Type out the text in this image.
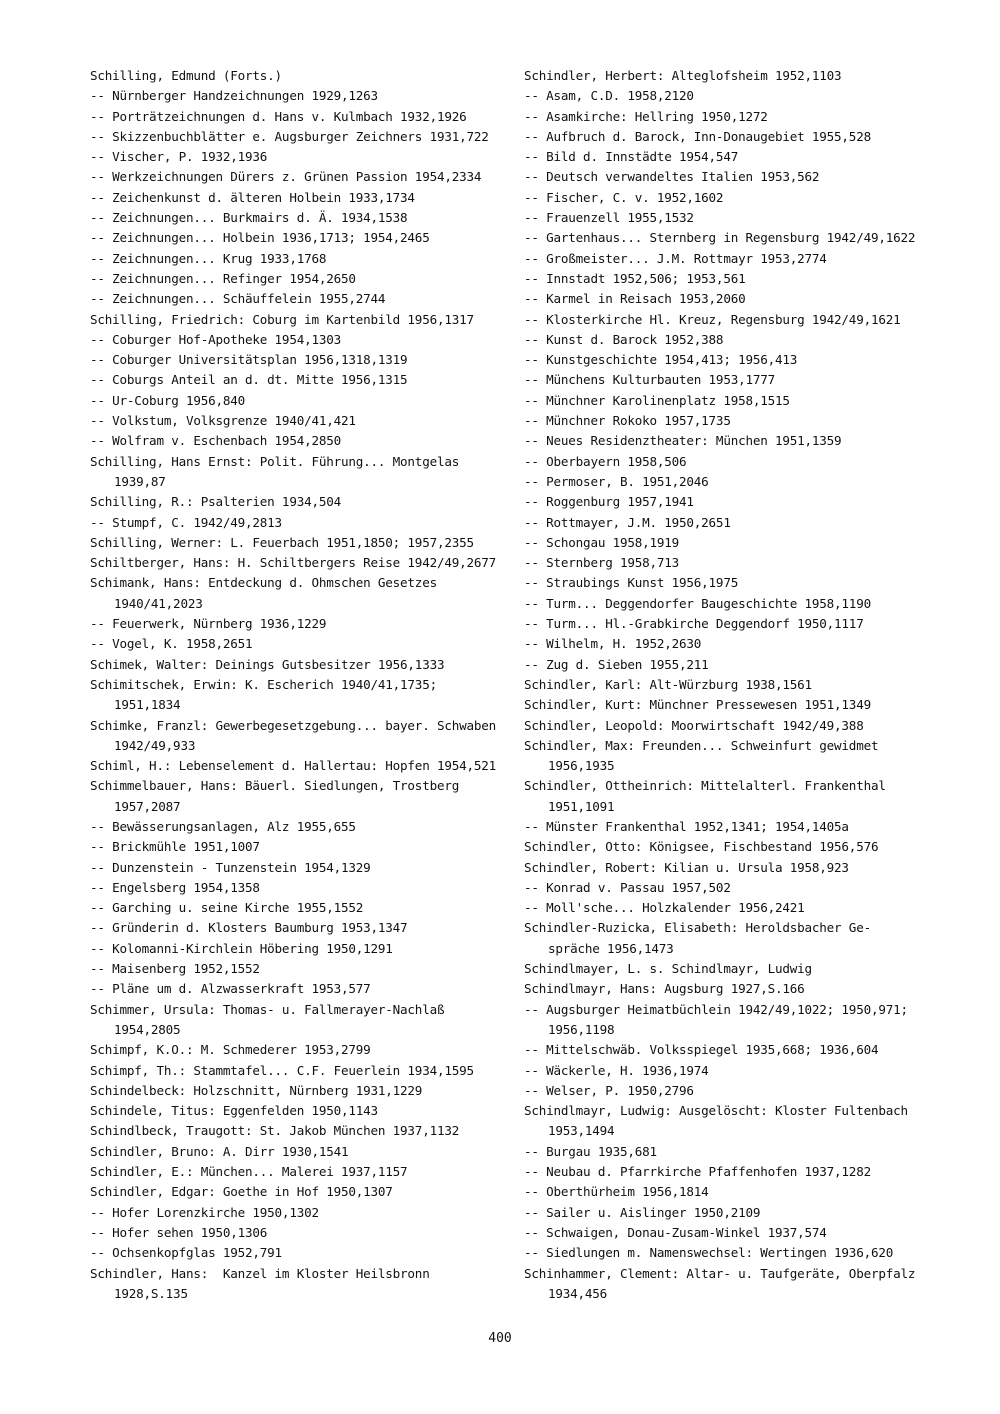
Schilling, Edmund (Forts.)
-- Nürnberger Handzeichnungen 1929,1263
-- Porträtzeichnungen d. Hans v. Kulmbach 1932,1926
-- Skizzenbuchblätter e. Augsburger Zeichners 1931,722
-- Vischer, P. 1932,1936
-- Werkzeichnungen Dürers z. Grünen Passion 1954,2334
-- Zeichenkunst d. älteren Holbein 1933,1734
-- Zeichnungen... Burkmairs d. Ä. 1934,1538
-- Zeichnungen... Holbein 1936,1713; 1954,2465
-- Zeichnungen... Krug 1933,1768
-- Zeichnungen... Refinger 1954,2650
-- Zeichnungen... Schäuffelein 1955,2744
Schilling, Friedrich: Coburg im Kartenbild 1956,1317
-- Coburger Hof-Apotheke 1954,1303
-- Coburger Universitätsplan 1956,1318,1319
-- Coburgs Anteil an d. dt. Mitte 1956,1315
-- Ur-Coburg 1956,840
-- Volkstum, Volksgrenze 1940/41,421
-- Wolfram v. Eschenbach 1954,2850
Schilling, Hans Ernst: Polit. Führung... Montgelas
1939,87
Schilling, R.: Psalterien 1934,504
-- Stumpf, C. 1942/49,2813
Schilling, Werner: L. Feuerbach 1951,1850; 1957,2355
Schiltberger, Hans: H. Schiltbergers Reise 1942/49,2677
Schimank, Hans: Entdeckung d. Ohmschen Gesetzes
1940/41,2023
-- Feuerwerk, Nürnberg 1936,1229
-- Vogel, K. 1958,2651
Schimek, Walter: Deinings Gutsbesitzer 1956,1333
Schimitschek, Erwin: K. Escherich 1940/41,1735;
1951,1834
Schimke, Franzl: Gewerbegesetzgebung... bayer. Schwaben
1942/49,933
Schiml, H.: Lebenselement d. Hallertau: Hopfen 1954,521
Schimmelbauer, Hans: Bäuerl. Siedlungen, Trostberg
1957,2087
-- Bewässerungsanlagen, Alz 1955,655
-- Brickmühle 1951,1007
-- Dunzenstein - Tunzenstein 1954,1329
-- Engelsberg 1954,1358
-- Garching u. seine Kirche 1955,1552
-- Gründerin d. Klosters Baumburg 1953,1347
-- Kolomanni-Kirchlein Höbering 1950,1291
-- Maisenberg 1952,1552
-- Pläne um d. Alzwasserkraft 1953,577
Schimmer, Ursula: Thomas- u. Fallmerayer-Nachlaß
1954,2805
Schimpf, K.O.: M. Schmederer 1953,2799
Schimpf, Th.: Stammtafel... C.F. Feuerlein 1934,1595
Schindelbeck: Holzschnitt, Nürnberg 1931,1229
Schindele, Titus: Eggenfelden 1950,1143
Schindlbeck, Traugott: St. Jakob München 1937,1132
Schindler, Bruno: A. Dirr 1930,1541
Schindler, E.: München... Malerei 1937,1157
Schindler, Edgar: Goethe in Hof 1950,1307
-- Hofer Lorenzkirche 1950,1302
-- Hofer sehen 1950,1306
-- Ochsenkopfglas 1952,791
Schindler, Hans:  Kanzel im Kloster Heilsbronn
1928,S.135
Schindler, Herbert: Alteglofsheim 1952,1103
-- Asam, C.D. 1958,2120
-- Asamkirche: Hellring 1950,1272
-- Aufbruch d. Barock, Inn-Donaugebiet 1955,528
-- Bild d. Innstädte 1954,547
-- Deutsch verwandeltes Italien 1953,562
-- Fischer, C. v. 1952,1602
-- Frauenzell 1955,1532
-- Gartenhaus... Sternberg in Regensburg 1942/49,1622
-- Großmeister... J.M. Rottmayr 1953,2774
-- Innstadt 1952,506; 1953,561
-- Karmel in Reisach 1953,2060
-- Klosterkirche Hl. Kreuz, Regensburg 1942/49,1621
-- Kunst d. Barock 1952,388
-- Kunstgeschichte 1954,413; 1956,413
-- Münchens Kulturbauten 1953,1777
-- Münchner Karolinenplatz 1958,1515
-- Münchner Rokoko 1957,1735
-- Neues Residenztheater: München 1951,1359
-- Oberbayern 1958,506
-- Permoser, B. 1951,2046
-- Roggenburg 1957,1941
-- Rottmayer, J.M. 1950,2651
-- Schongau 1958,1919
-- Sternberg 1958,713
-- Straubings Kunst 1956,1975
-- Turm... Deggendorfer Baugeschichte 1958,1190
-- Turm... Hl.-Grabkirche Deggendorf 1950,1117
-- Wilhelm, H. 1952,2630
-- Zug d. Sieben 1955,211
Schindler, Karl: Alt-Würzburg 1938,1561
Schindler, Kurt: Münchner Pressewesen 1951,1349
Schindler, Leopold: Moorwirtschaft 1942/49,388
Schindler, Max: Freunden... Schweinfurt gewidmet
1956,1935
Schindler, Ottheinrich: Mittelalterl. Frankenthal
1951,1091
-- Münster Frankenthal 1952,1341; 1954,1405a
Schindler, Otto: Königsee, Fischbestand 1956,576
Schindler, Robert: Kilian u. Ursula 1958,923
-- Konrad v. Passau 1957,502
-- Moll'sche... Holzkalender 1956,2421
Schindler-Ruzicka, Elisabeth: Heroldsbacher Ge-
spräche 1956,1473
Schindlmayer, L. s. Schindlmayr, Ludwig
Schindlmayr, Hans: Augsburg 1927,S.166
-- Augsburger Heimatbüchlein 1942/49,1022; 1950,971;
1956,1198
-- Mittelschwäb. Volksspiegel 1935,668; 1936,604
-- Wäckerle, H. 1936,1974
-- Welser, P. 1950,2796
Schindlmayr, Ludwig: Ausgelöscht: Kloster Fultenbach
1953,1494
-- Burgau 1935,681
-- Neubau d. Pfarrkirche Pfaffenhofen 1937,1282
-- Oberthürheim 1956,1814
-- Sailer u. Aislinger 1950,2109
-- Schwaigen, Donau-Zusam-Winkel 1937,574
-- Siedlungen m. Namenswechsel: Wertingen 1936,620
Schinhammer, Clement: Altar- u. Taufgeräte, Oberpfalz
1934,456
400
